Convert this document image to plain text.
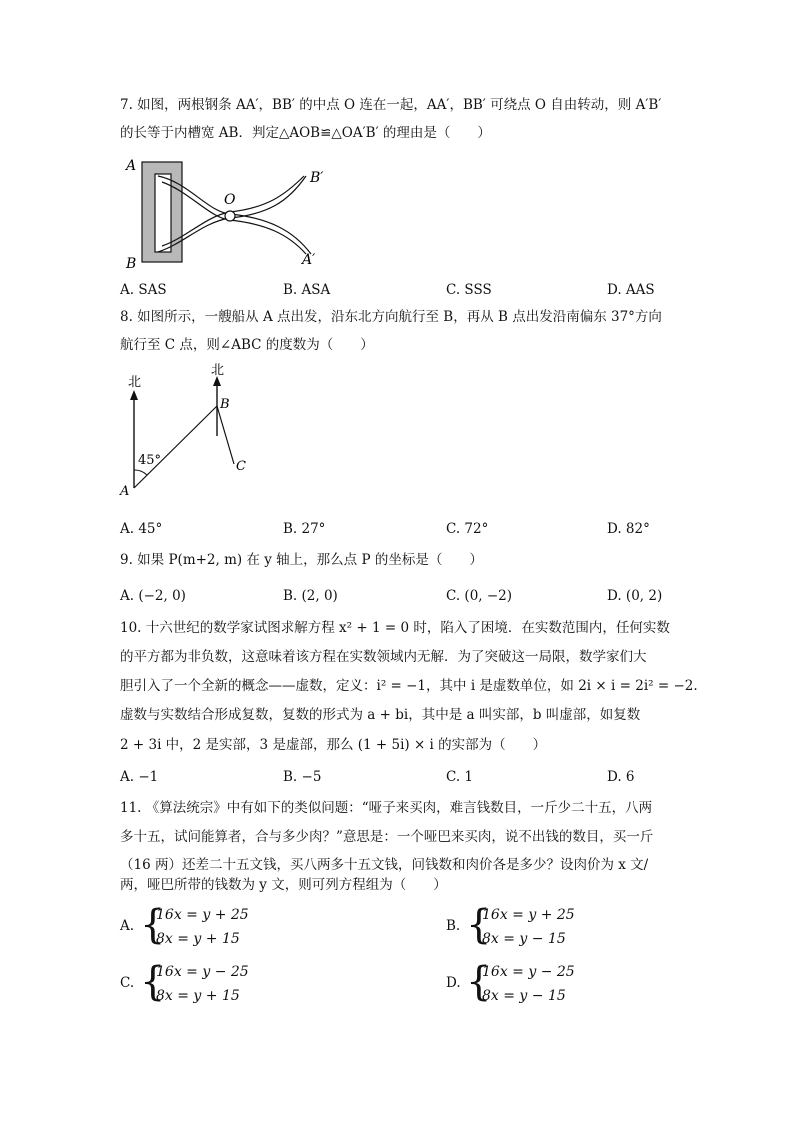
7. 如图，两根钢条 AA′，BB′ 的中点 O 连在一起，AA′，BB′ 可绕点 O 自由转动，则 A′B′
的长等于内槽宽 AB．判定△AOB≌△OA′B′ 的理由是（　　）
A
B
O
B′
A′
A. SAS	B. ASA	C. SSS	D. AAS
8. 如图所示，一艘船从 A 点出发，沿东北方向航行至 B，再从 B 点出发沿南偏东 37°方向
航行至 C 点，则∠ABC 的度数为（　　）
北
北
45°
B
C
A
A. 45°	B. 27°	C. 72°	D. 82°
9. 如果 P(m+2, m) 在 y 轴上，那么点 P 的坐标是（　　）
A. (−2, 0)	B. (2, 0)	C. (0, −2)	D. (0, 2)
10. 十六世纪的数学家试图求解方程 x² + 1 = 0 时，陷入了困境．在实数范围内，任何实数
的平方都为非负数，这意味着该方程在实数领域内无解．为了突破这一局限，数学家们大
胆引入了一个全新的概念——虚数，定义：i² = −1，其中 i 是虚数单位，如 2i × i = 2i² = −2.
虚数与实数结合形成复数，复数的形式为 a + bi，其中是 a 叫实部，b 叫虚部，如复数
2 + 3i 中，2 是实部，3 是虚部，那么 (1 + 5i) × i 的实部为（　　）
A. −1	B. −5	C. 1	D. 6
11. 《算法统宗》中有如下的类似问题：“哑子来买肉，难言钱数目，一斤少二十五，八两
多十五，试问能算者，合与多少肉？”意思是：一个哑巴来买肉，说不出钱的数目，买一斤
（16 两）还差二十五文钱，买八两多十五文钱，问钱数和肉价各是多少？设肉价为 x 文/
两，哑巴所带的钱数为 y 文，则可列方程组为（　　）
A. {
16x = y + 25
8x = y + 15
B. {
16x = y + 25
8x = y − 15
C. {
16x = y − 25
8x = y + 15
D. {
16x = y − 25
8x = y − 15
